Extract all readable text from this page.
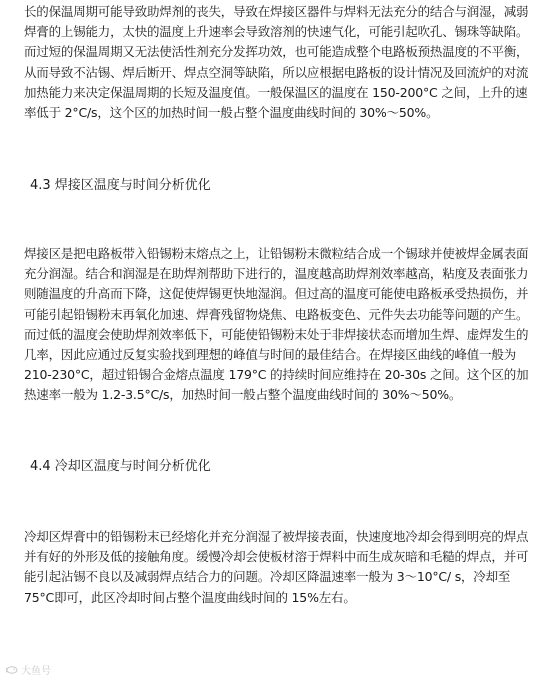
长的保温周期可能导致助焊剂的丧失，导致在焊接区器件与焊料无法充分的结合与润湿，减弱焊膏的上锡能力，太快的温度上升速率会导致溶剂的快速气化，可能引起吹孔、锡珠等缺陷。而过短的保温周期又无法使活性剂充分发挥功效，也可能造成整个电路板预热温度的不平衡，从而导致不沾锡、焊后断开、焊点空洞等缺陷，所以应根据电路板的设计情况及回流炉的对流加热能力来决定保温周期的长短及温度值。一般保温区的温度在 150-200°C 之间，上升的速率低于 2°C/s，这个区的加热时间一般占整个温度曲线时间的 30%～50%。

4.3 焊接区温度与时间分析优化

焊接区是把电路板带入铅锡粉末熔点之上，让铅锡粉末微粒结合成一个锡球并使被焊金属表面充分润湿。结合和润湿是在助焊剂帮助下进行的，温度越高助焊剂效率越高，粘度及表面张力则随温度的升高而下降，这促使焊锡更快地湿润。但过高的温度可能使电路板承受热损伤，并可能引起铅锡粉末再氧化加速、焊膏残留物烧焦、电路板变色、元件失去功能等问题的产生。而过低的温度会使助焊剂效率低下，可能使铅锡粉末处于非焊接状态而增加生焊、虚焊发生的几率，因此应通过反复实验找到理想的峰值与时间的最佳结合。在焊接区曲线的峰值一般为 210-230°C，超过铅锡合金熔点温度 179°C 的持续时间应维持在 20-30s 之间。这个区的加热速率一般为 1.2-3.5°C/s，加热时间一般占整个温度曲线时间的 30%～50%。

4.4 冷却区温度与时间分析优化

冷却区焊膏中的铅锡粉末已经熔化并充分润湿了被焊接表面，快速度地冷却会得到明亮的焊点并有好的外形及低的接触角度。缓慢冷却会使板材溶于焊料中而生成灰暗和毛糙的焊点，并可能引起沾锡不良以及减弱焊点结合力的问题。冷却区降温速率一般为 3～10°C/ s，冷却至 75°C即可，此区冷却时间占整个温度曲线时间的 15%左右。

大鱼号
